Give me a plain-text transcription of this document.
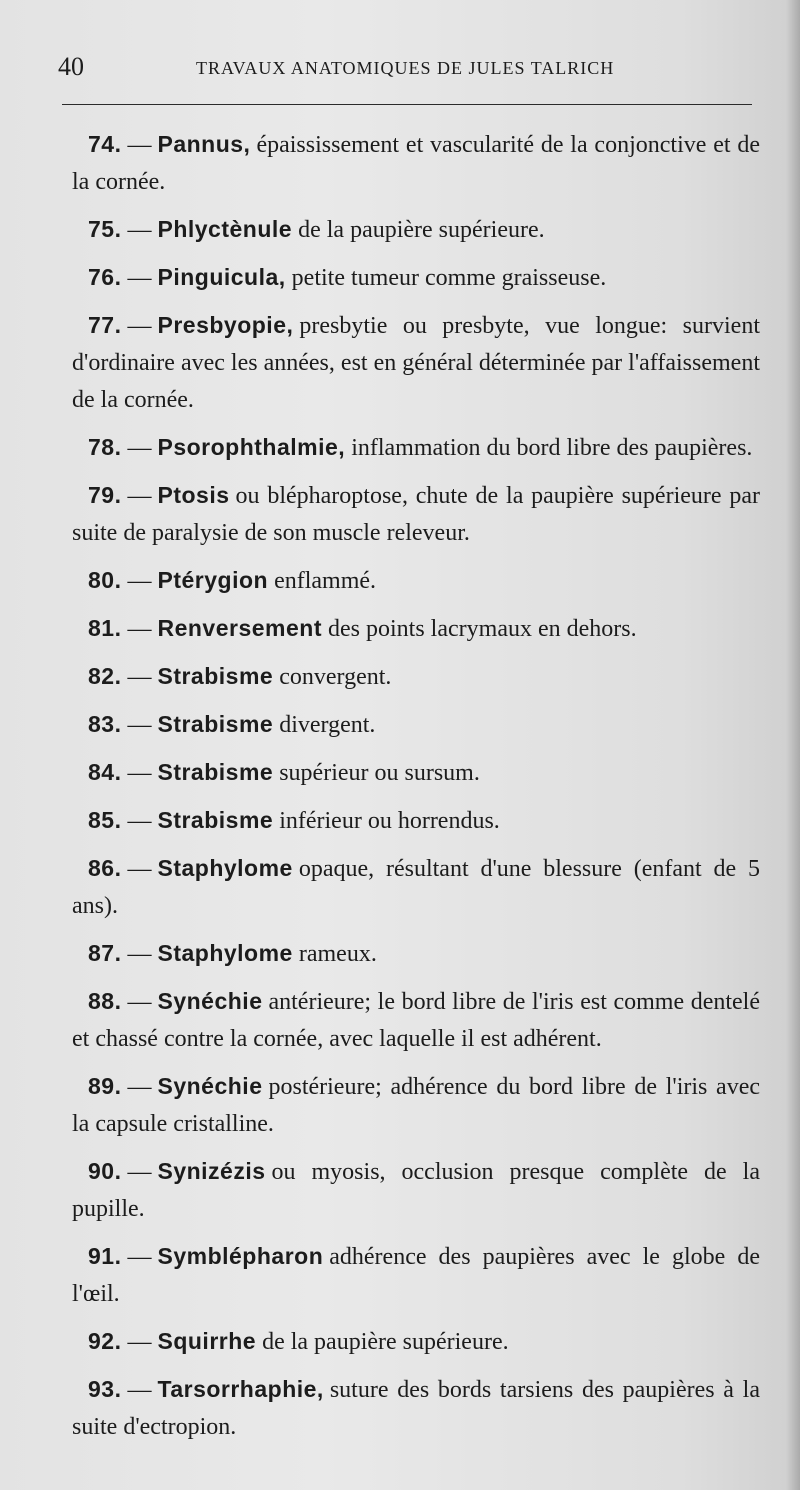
40	TRAVAUX ANATOMIQUES DE JULES TALRICH

74. — Pannus, épaississement et vascularité de la conjonctive et de la cornée.

75. — Phlyctènule de la paupière supérieure.

76. — Pinguicula, petite tumeur comme graisseuse.

77. — Presbyopie, presbytie ou presbyte, vue longue: survient d'ordinaire avec les années, est en général déterminée par l'affaissement de la cornée.

78. — Psorophthalmie, inflammation du bord libre des paupières.

79. — Ptosis ou blépharoptose, chute de la paupière supérieure par suite de paralysie de son muscle releveur.

80. — Ptérygion enflammé.

81. — Renversement des points lacrymaux en dehors.

82. — Strabisme convergent.

83. — Strabisme divergent.

84. — Strabisme supérieur ou sursum.

85. — Strabisme inférieur ou horrendus.

86. — Staphylome opaque, résultant d'une blessure (enfant de 5 ans).

87. — Staphylome rameux.

88. — Synéchie antérieure; le bord libre de l'iris est comme dentelé et chassé contre la cornée, avec laquelle il est adhérent.

89. — Synéchie postérieure; adhérence du bord libre de l'iris avec la capsule cristalline.

90. — Synizézis ou myosis, occlusion presque complète de la pupille.

91. — Symblépharon adhérence des paupières avec le globe de l'œil.

92. — Squirrhe de la paupière supérieure.

93. — Tarsorrhaphie, suture des bords tarsiens des paupières à la suite d'ectropion.
